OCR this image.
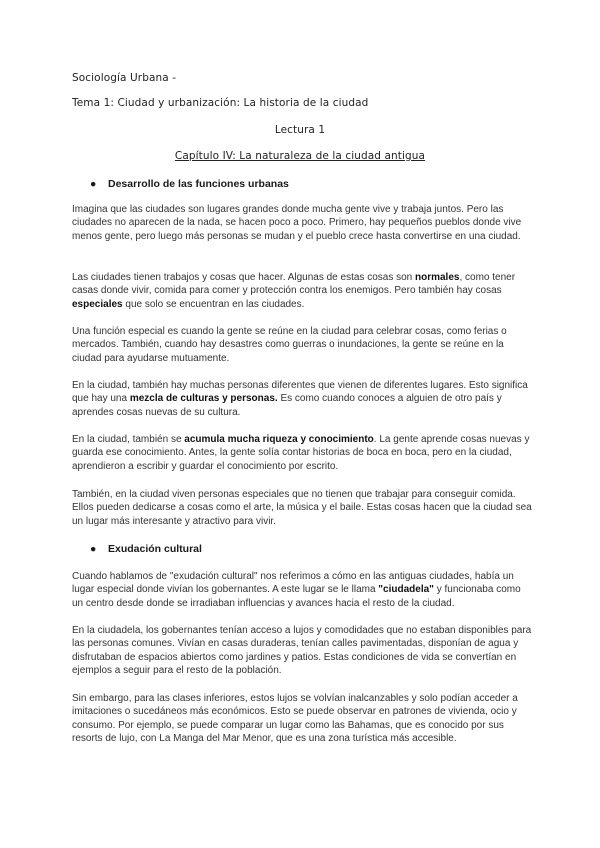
Sociología Urbana -
Tema 1: Ciudad y urbanización: La historia de la ciudad
Lectura 1
Capítulo IV: La naturaleza de la ciudad antigua
● Desarrollo de las funciones urbanas

Imagina que las ciudades son lugares grandes donde mucha gente vive y trabaja juntos. Pero las ciudades no aparecen de la nada, se hacen poco a poco. Primero, hay pequeños pueblos donde vive menos gente, pero luego más personas se mudan y el pueblo crece hasta convertirse en una ciudad.

Las ciudades tienen trabajos y cosas que hacer. Algunas de estas cosas son normales, como tener casas donde vivir, comida para comer y protección contra los enemigos. Pero también hay cosas especiales que solo se encuentran en las ciudades.

Una función especial es cuando la gente se reúne en la ciudad para celebrar cosas, como ferias o mercados. También, cuando hay desastres como guerras o inundaciones, la gente se reúne en la ciudad para ayudarse mutuamente.

En la ciudad, también hay muchas personas diferentes que vienen de diferentes lugares. Esto significa que hay una mezcla de culturas y personas. Es como cuando conoces a alguien de otro país y aprendes cosas nuevas de su cultura.

En la ciudad, también se acumula mucha riqueza y conocimiento. La gente aprende cosas nuevas y guarda ese conocimiento. Antes, la gente solía contar historias de boca en boca, pero en la ciudad, aprendieron a escribir y guardar el conocimiento por escrito.

También, en la ciudad viven personas especiales que no tienen que trabajar para conseguir comida. Ellos pueden dedicarse a cosas como el arte, la música y el baile. Estas cosas hacen que la ciudad sea un lugar más interesante y atractivo para vivir.

● Exudación cultural

Cuando hablamos de "exudación cultural" nos referimos a cómo en las antiguas ciudades, había un lugar especial donde vivían los gobernantes. A este lugar se le llama "ciudadela" y funcionaba como un centro desde donde se irradiaban influencias y avances hacia el resto de la ciudad.

En la ciudadela, los gobernantes tenían acceso a lujos y comodidades que no estaban disponibles para las personas comunes. Vivían en casas duraderas, tenían calles pavimentadas, disponían de agua y disfrutaban de espacios abiertos como jardines y patios. Estas condiciones de vida se convertían en ejemplos a seguir para el resto de la población.

Sin embargo, para las clases inferiores, estos lujos se volvían inalcanzables y solo podían acceder a imitaciones o sucedáneos más económicos. Esto se puede observar en patrones de vivienda, ocio y consumo. Por ejemplo, se puede comparar un lugar como las Bahamas, que es conocido por sus resorts de lujo, con La Manga del Mar Menor, que es una zona turística más accesible.
